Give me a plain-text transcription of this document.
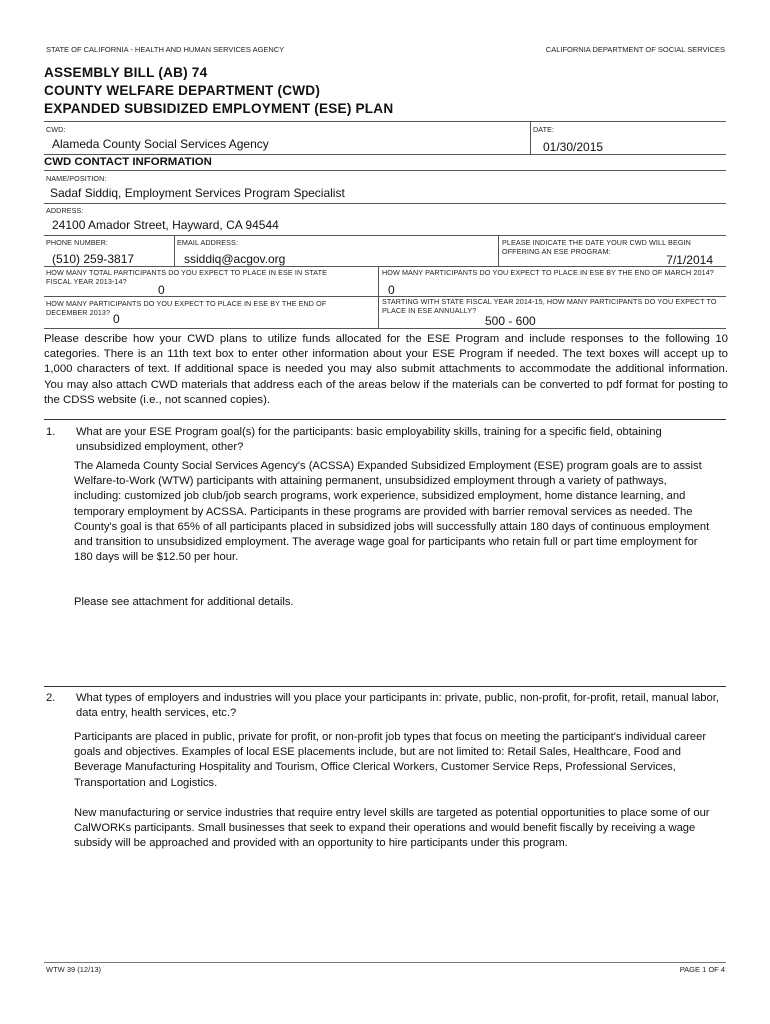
STATE OF CALIFORNIA - HEALTH AND HUMAN SERVICES AGENCY	CALIFORNIA DEPARTMENT OF SOCIAL SERVICES
ASSEMBLY BILL (AB) 74
COUNTY WELFARE DEPARTMENT (CWD)
EXPANDED SUBSIDIZED EMPLOYMENT (ESE) PLAN
CWD:
Alameda County Social Services Agency
DATE:
01/30/2015
CWD CONTACT INFORMATION
NAME/POSITION:
Sadaf Siddiq, Employment Services Program Specialist
ADDRESS:
24100 Amador Street, Hayward, CA 94544
PHONE NUMBER:
(510) 259-3817
EMAIL ADDRESS:
ssiddiq@acgov.org
PLEASE INDICATE THE DATE YOUR CWD WILL BEGIN OFFERING AN ESE PROGRAM:
7/1/2014
HOW MANY TOTAL PARTICIPANTS DO YOU EXPECT TO PLACE IN ESE IN STATE FISCAL YEAR 2013-14?
0
HOW MANY PARTICIPANTS DO YOU EXPECT TO PLACE IN ESE BY THE END OF MARCH 2014?
0
HOW MANY PARTICIPANTS DO YOU EXPECT TO PLACE IN ESE BY THE END OF DECEMBER 2013? 0
STARTING WITH STATE FISCAL YEAR 2014-15, HOW MANY PARTICIPANTS DO YOU EXPECT TO PLACE IN ESE ANNUALLY?
500 - 600

Please describe how your CWD plans to utilize funds allocated for the ESE Program and include responses to the following 10 categories. There is an 11th text box to enter other information about your ESE Program if needed. The text boxes will accept up to 1,000 characters of text. If additional space is needed you may also submit attachments to accommodate the additional information. You may also attach CWD materials that address each of the areas below if the materials can be converted to pdf format for posting to the CDSS website (i.e., not scanned copies).

1. What are your ESE Program goal(s) for the participants: basic employability skills, training for a specific field, obtaining unsubsidized employment, other?

The Alameda County Social Services Agency's (ACSSA) Expanded Subsidized Employment (ESE) program goals are to assist Welfare-to-Work (WTW) participants with attaining permanent, unsubsidized employment through a variety of pathways, including: customized job club/job search programs, work experience, subsidized employment, home distance learning, and temporary employment by ACSSA. Participants in these programs are provided with barrier removal services as needed. The County's goal is that 65% of all participants placed in subsidized jobs will successfully attain 180 days of continuous employment and transition to unsubsidized employment. The average wage goal for participants who retain full or part time employment for 180 days will be $12.50 per hour.

Please see attachment for additional details.

2. What types of employers and industries will you place your participants in: private, public, non-profit, for-profit, retail, manual labor, data entry, health services, etc.?

Participants are placed in public, private for profit, or non-profit job types that focus on meeting the participant's individual career goals and objectives. Examples of local ESE placements include, but are not limited to: Retail Sales, Healthcare, Food and Beverage Manufacturing Hospitality and Tourism, Office Clerical Workers, Customer Service Reps, Professional Services, Transportation and Logistics.

New manufacturing or service industries that require entry level skills are targeted as potential opportunities to place some of our CalWORKs participants. Small businesses that seek to expand their operations and would benefit fiscally by receiving a wage subsidy will be approached and provided with an opportunity to hire participants under this program.

WTW 39 (12/13)	PAGE 1 OF 4
